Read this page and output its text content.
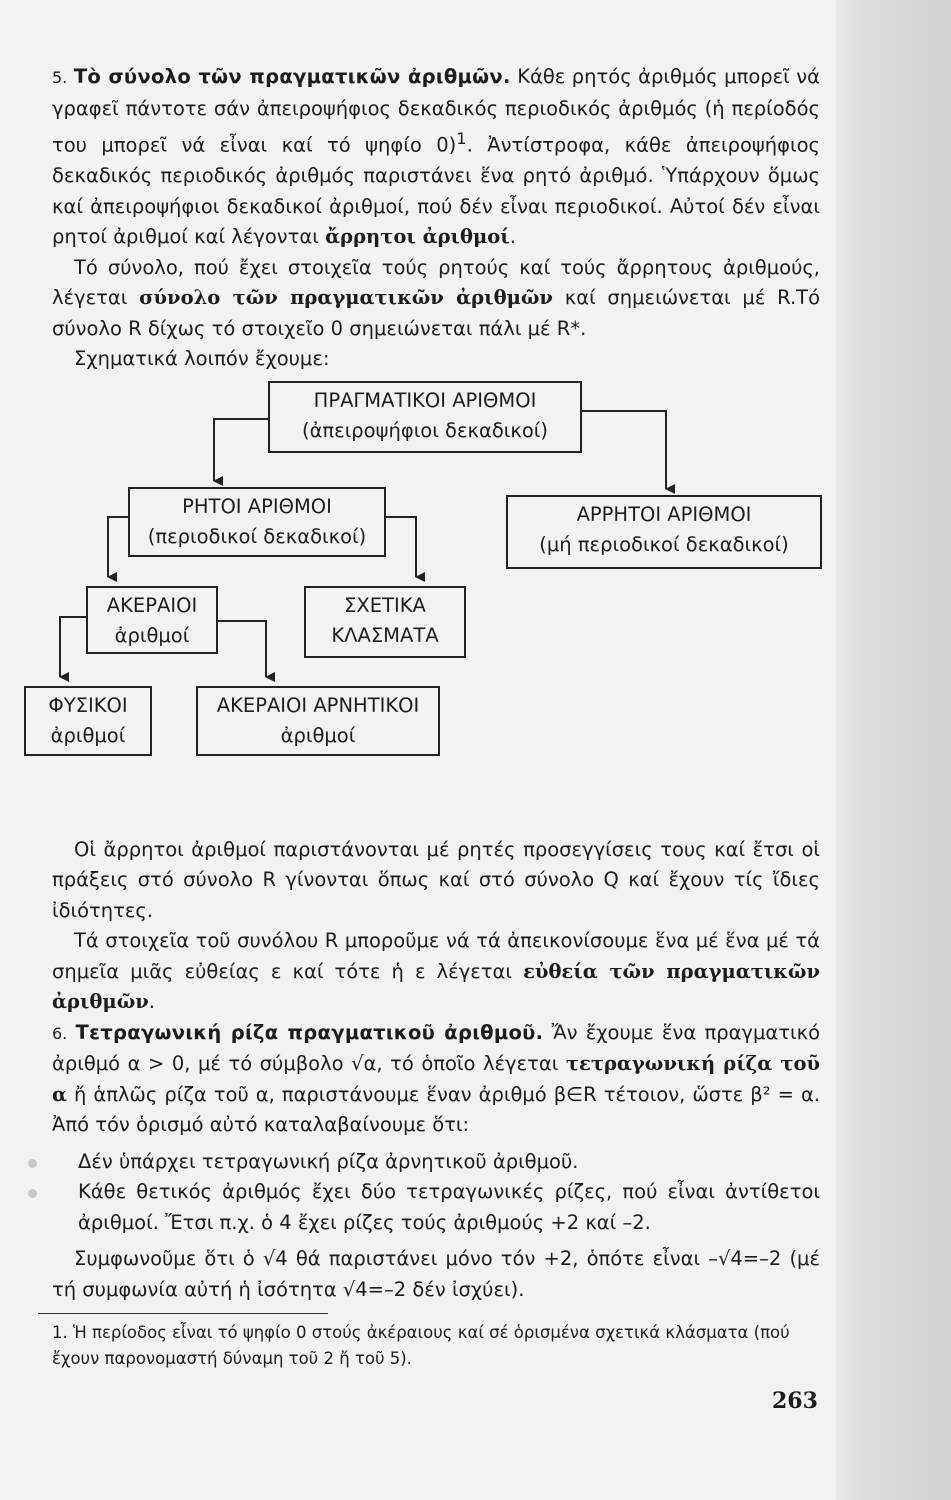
5. Τὸ σύνολο τῶν πραγματικῶν ἀριθμῶν. Κάθε ρητός ἀριθμός μπορεῖ νά γραφεῖ πάντοτε σάν ἀπειροψήφιος δεκαδικός περιοδικός ἀριθμός (ἡ περίοδός του μπορεῖ νά εἶναι καί τό ψηφίο 0)$^1$. Ἀντίστροφα, κάθε ἀπειροψήφιος δεκαδικός περιοδικός ἀριθμός παριστάνει ἕνα ρητό ἀριθμό. Ὑπάρχουν ὅμως καί ἀπειροψήφιοι δεκαδικοί ἀριθμοί, πού δέν εἶναι περιοδικοί. Αὐτοί δέν εἶναι ρητοί ἀριθμοί καί λέγονται ἄρρητοι ἀριθμοί.

Τό σύνολο, πού ἔχει στοιχεῖα τούς ρητούς καί τούς ἄρρητους ἀριθμούς, λέγεται σύνολο τῶν πραγματικῶν ἀριθμῶν καί σημειώνεται μέ R.Τό σύνολο R δίχως τό στοιχεῖο 0 σημειώνεται πάλι μέ R*.

Σχηματικά λοιπόν ἔχουμε:

ΠΡΑΓΜΑΤΙΚΟΙ ΑΡΙΘΜΟΙ
(ἀπειροψήφιοι δεκαδικοί)
ΡΗΤΟΙ ΑΡΙΘΜΟΙ
(περιοδικοί δεκαδικοί)
ΑΡΡΗΤΟΙ ΑΡΙΘΜΟΙ
(μή περιοδικοί δεκαδικοί)
ΑΚΕΡΑΙΟΙ
ἀριθμοί
ΣΧΕΤΙΚΑ
ΚΛΑΣΜΑΤΑ
ΦΥΣΙΚΟΙ
ἀριθμοί
ΑΚΕΡΑΙΟΙ ΑΡΝΗΤΙΚΟΙ
ἀριθμοί

Οἱ ἄρρητοι ἀριθμοί παριστάνονται μέ ρητές προσεγγίσεις τους καί ἔτσι οἱ πράξεις στό σύνολο R γίνονται ὅπως καί στό σύνολο Q καί ἔχουν τίς ἴδιες ἰδιότητες.

Τά στοιχεῖα τοῦ συνόλου R μποροῦμε νά τά ἀπεικονίσουμε ἕνα μέ ἕνα μέ τά σημεῖα μιᾶς εὐθείας ε καί τότε ἡ ε λέγεται εὐθεία τῶν πραγματικῶν ἀριθμῶν.

6. Τετραγωνική ρίζα πραγματικοῦ ἀριθμοῦ. Ἄν ἔχουμε ἕνα πραγματικό ἀριθμό α > 0, μέ τό σύμβολο √α, τό ὁποῖο λέγεται τετραγωνική ρίζα τοῦ α ἤ ἁπλῶς ρίζα τοῦ α, παριστάνουμε ἕναν ἀριθμό β∈R τέτοιον, ὥστε β² = α. Ἀπό τόν ὁρισμό αὐτό καταλαβαίνουμε ὅτι:

Δέν ὑπάρχει τετραγωνική ρίζα ἀρνητικοῦ ἀριθμοῦ.
Κάθε θετικός ἀριθμός ἔχει δύο τετραγωνικές ρίζες, πού εἶναι ἀντίθετοι ἀριθμοί. Ἔτσι π.χ. ὁ 4 ἔχει ρίζες τούς ἀριθμούς +2 καί –2.

Συμφωνοῦμε ὅτι ὁ √4 θά παριστάνει μόνο τόν +2, ὁπότε εἶναι –√4=–2 (μέ τή συμφωνία αὐτή ἡ ἰσότητα √4=–2 δέν ἰσχύει).

1. Ἡ περίοδος εἶναι τό ψηφίο 0 στούς ἀκέραιους καί σέ ὁρισμένα σχετικά κλάσματα (πού ἔχουν παρονομαστή δύναμη τοῦ 2 ἤ τοῦ 5).

263
